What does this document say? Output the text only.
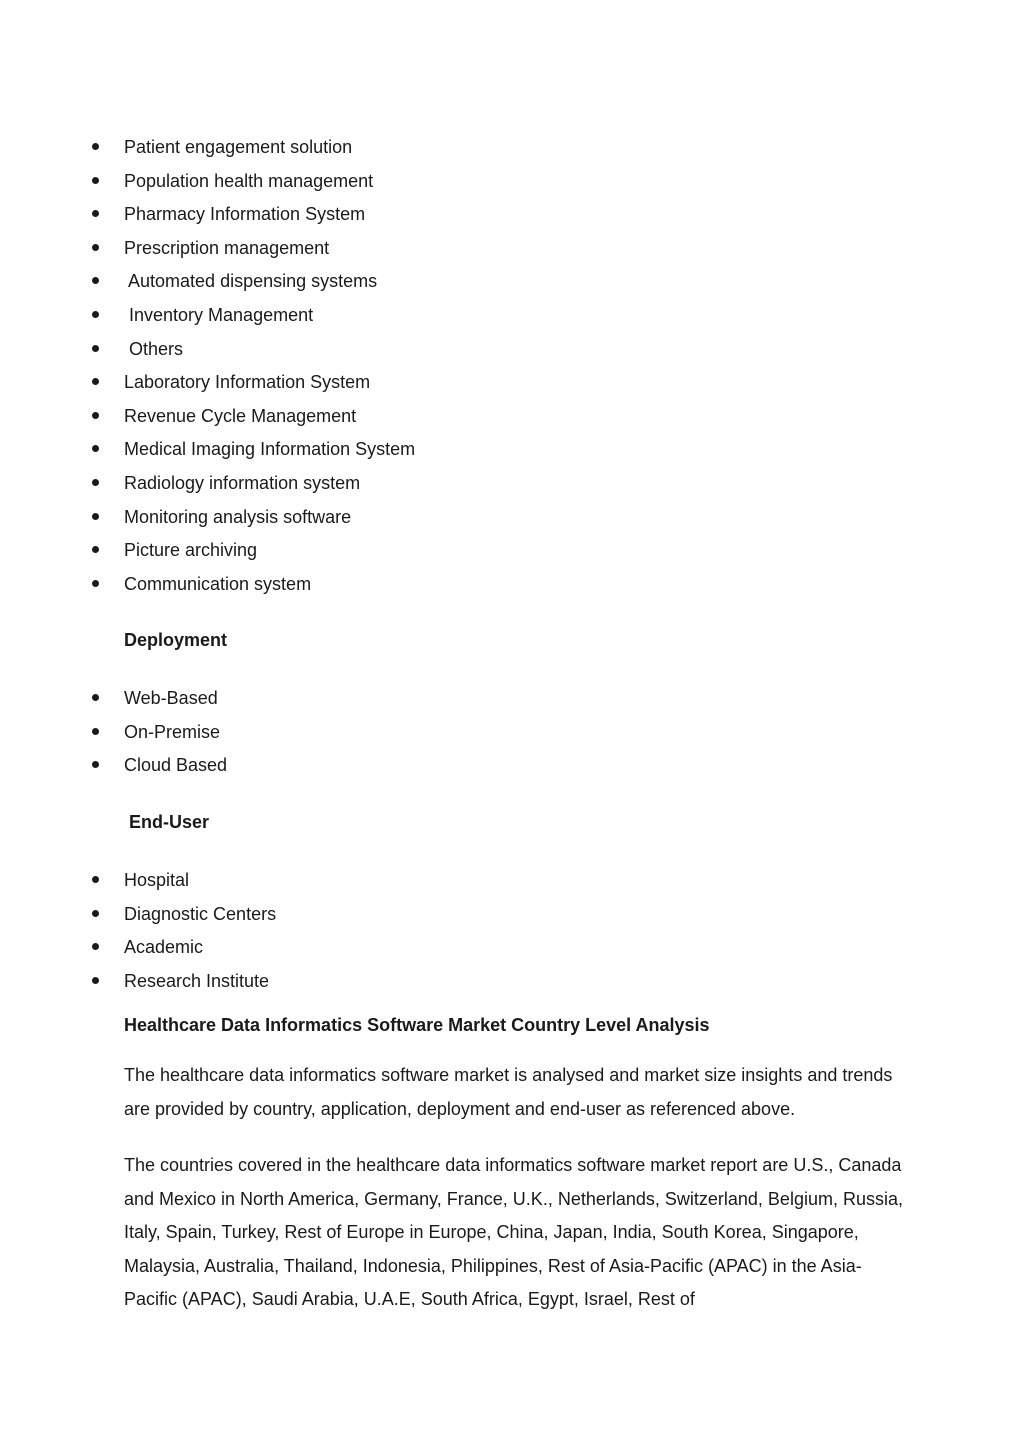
Patient engagement solution
Population health management
Pharmacy Information System
Prescription management
Automated dispensing systems
Inventory Management
Others
Laboratory Information System
Revenue Cycle Management
Medical Imaging Information System
Radiology information system
Monitoring analysis software
Picture archiving
Communication system
Deployment
Web-Based
On-Premise
Cloud Based
End-User
Hospital
Diagnostic Centers
Academic
Research Institute
Healthcare Data Informatics Software Market Country Level Analysis

The healthcare data informatics software market is analysed and market size insights and trends are provided by country, application, deployment and end-user as referenced above.

The countries covered in the healthcare data informatics software market report are U.S., Canada and Mexico in North America, Germany, France, U.K., Netherlands, Switzerland, Belgium, Russia, Italy, Spain, Turkey, Rest of Europe in Europe, China, Japan, India, South Korea, Singapore, Malaysia, Australia, Thailand, Indonesia, Philippines, Rest of Asia-Pacific (APAC) in the Asia-Pacific (APAC), Saudi Arabia, U.A.E, South Africa, Egypt, Israel, Rest of
